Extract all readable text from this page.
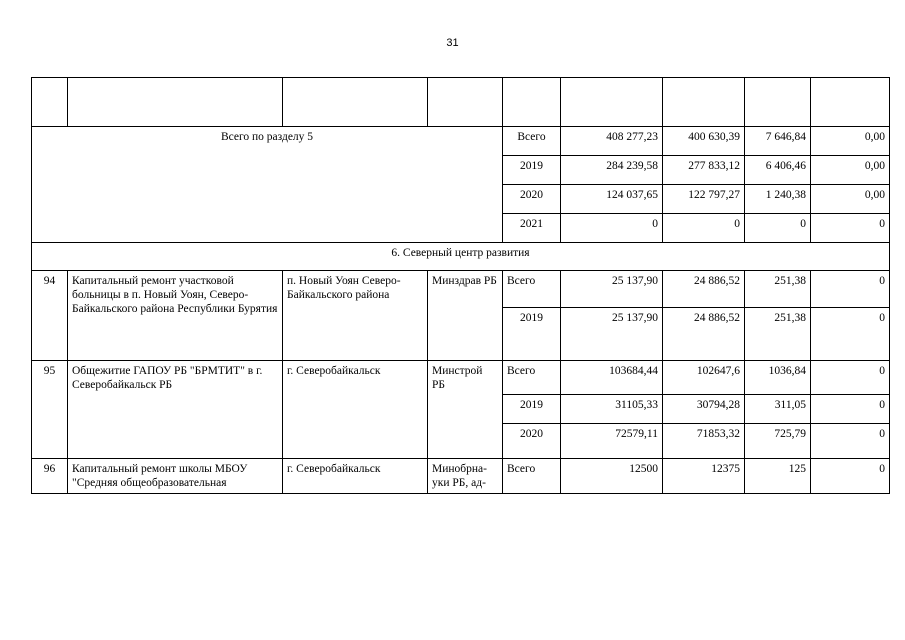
31

Всего по разделу 5				Всего	408 277,23	400 630,39	7 646,84	0,00
				2019	284 239,58	277 833,12	6 406,46	0,00
				2020	124 037,65	122 797,27	1 240,38	0,00
				2021	0	0	0	0
6. Северный центр развития								
94	Капитальный ремонт участковой больницы в п. Новый Уоян, Северо-Байкальского района Республики Бурятия	п. Новый Уоян Северо-Байкальского района	Минздрав РБ	Всего	25 137,90	24 886,52	251,38	0
				2019	25 137,90	24 886,52	251,38	0
95	Общежитие ГАПОУ РБ "БРМТИТ" в г. Северобайкальск РБ	г. Северобайкальск	Минстрой РБ	Всего	103684,44	102647,6	1036,84	0
				2019	31105,33	30794,28	311,05	0
				2020	72579,11	71853,32	725,79	0
96	Капитальный ремонт школы МБОУ "Средняя общеобразовательная	г. Северобайкальск	Минобрна-уки РБ, ад-	Всего	12500	12375	125	0
